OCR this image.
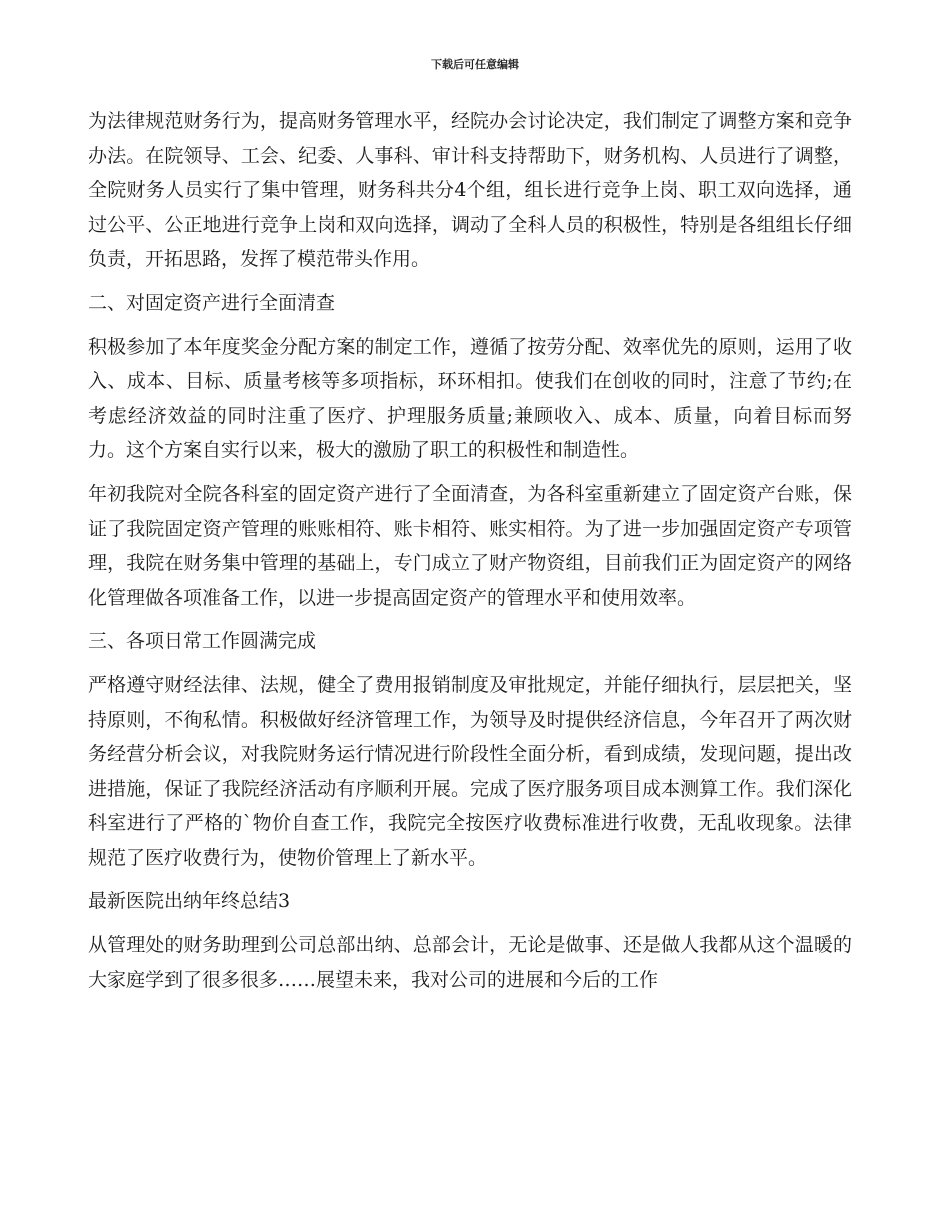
下载后可任意编辑

为法律规范财务行为，提高财务管理水平，经院办会讨论决定，我们制定了调整方案和竞争办法。在院领导、工会、纪委、人事科、审计科支持帮助下，财务机构、人员进行了调整，全院财务人员实行了集中管理，财务科共分4个组，组长进行竞争上岗、职工双向选择，通过公平、公正地进行竞争上岗和双向选择，调动了全科人员的积极性，特别是各组组长仔细负责，开拓思路，发挥了模范带头作用。

二、对固定资产进行全面清查

积极参加了本年度奖金分配方案的制定工作，遵循了按劳分配、效率优先的原则，运用了收入、成本、目标、质量考核等多项指标，环环相扣。使我们在创收的同时，注意了节约;在考虑经济效益的同时注重了医疗、护理服务质量;兼顾收入、成本、质量，向着目标而努力。这个方案自实行以来，极大的激励了职工的积极性和制造性。

年初我院对全院各科室的固定资产进行了全面清查，为各科室重新建立了固定资产台账，保证了我院固定资产管理的账账相符、账卡相符、账实相符。为了进一步加强固定资产专项管理，我院在财务集中管理的基础上，专门成立了财产物资组，目前我们正为固定资产的网络化管理做各项准备工作，以进一步提高固定资产的管理水平和使用效率。

三、各项日常工作圆满完成

严格遵守财经法律、法规，健全了费用报销制度及审批规定，并能仔细执行，层层把关，坚持原则，不徇私情。积极做好经济管理工作，为领导及时提供经济信息，今年召开了两次财务经营分析会议，对我院财务运行情况进行阶段性全面分析，看到成绩，发现问题，提出改进措施，保证了我院经济活动有序顺利开展。完成了医疗服务项目成本测算工作。我们深化科室进行了严格的`物价自查工作，我院完全按医疗收费标准进行收费，无乱收现象。法律规范了医疗收费行为，使物价管理上了新水平。

最新医院出纳年终总结3

从管理处的财务助理到公司总部出纳、总部会计，无论是做事、还是做人我都从这个温暖的大家庭学到了很多很多……展望未来，我对公司的进展和今后的工作
